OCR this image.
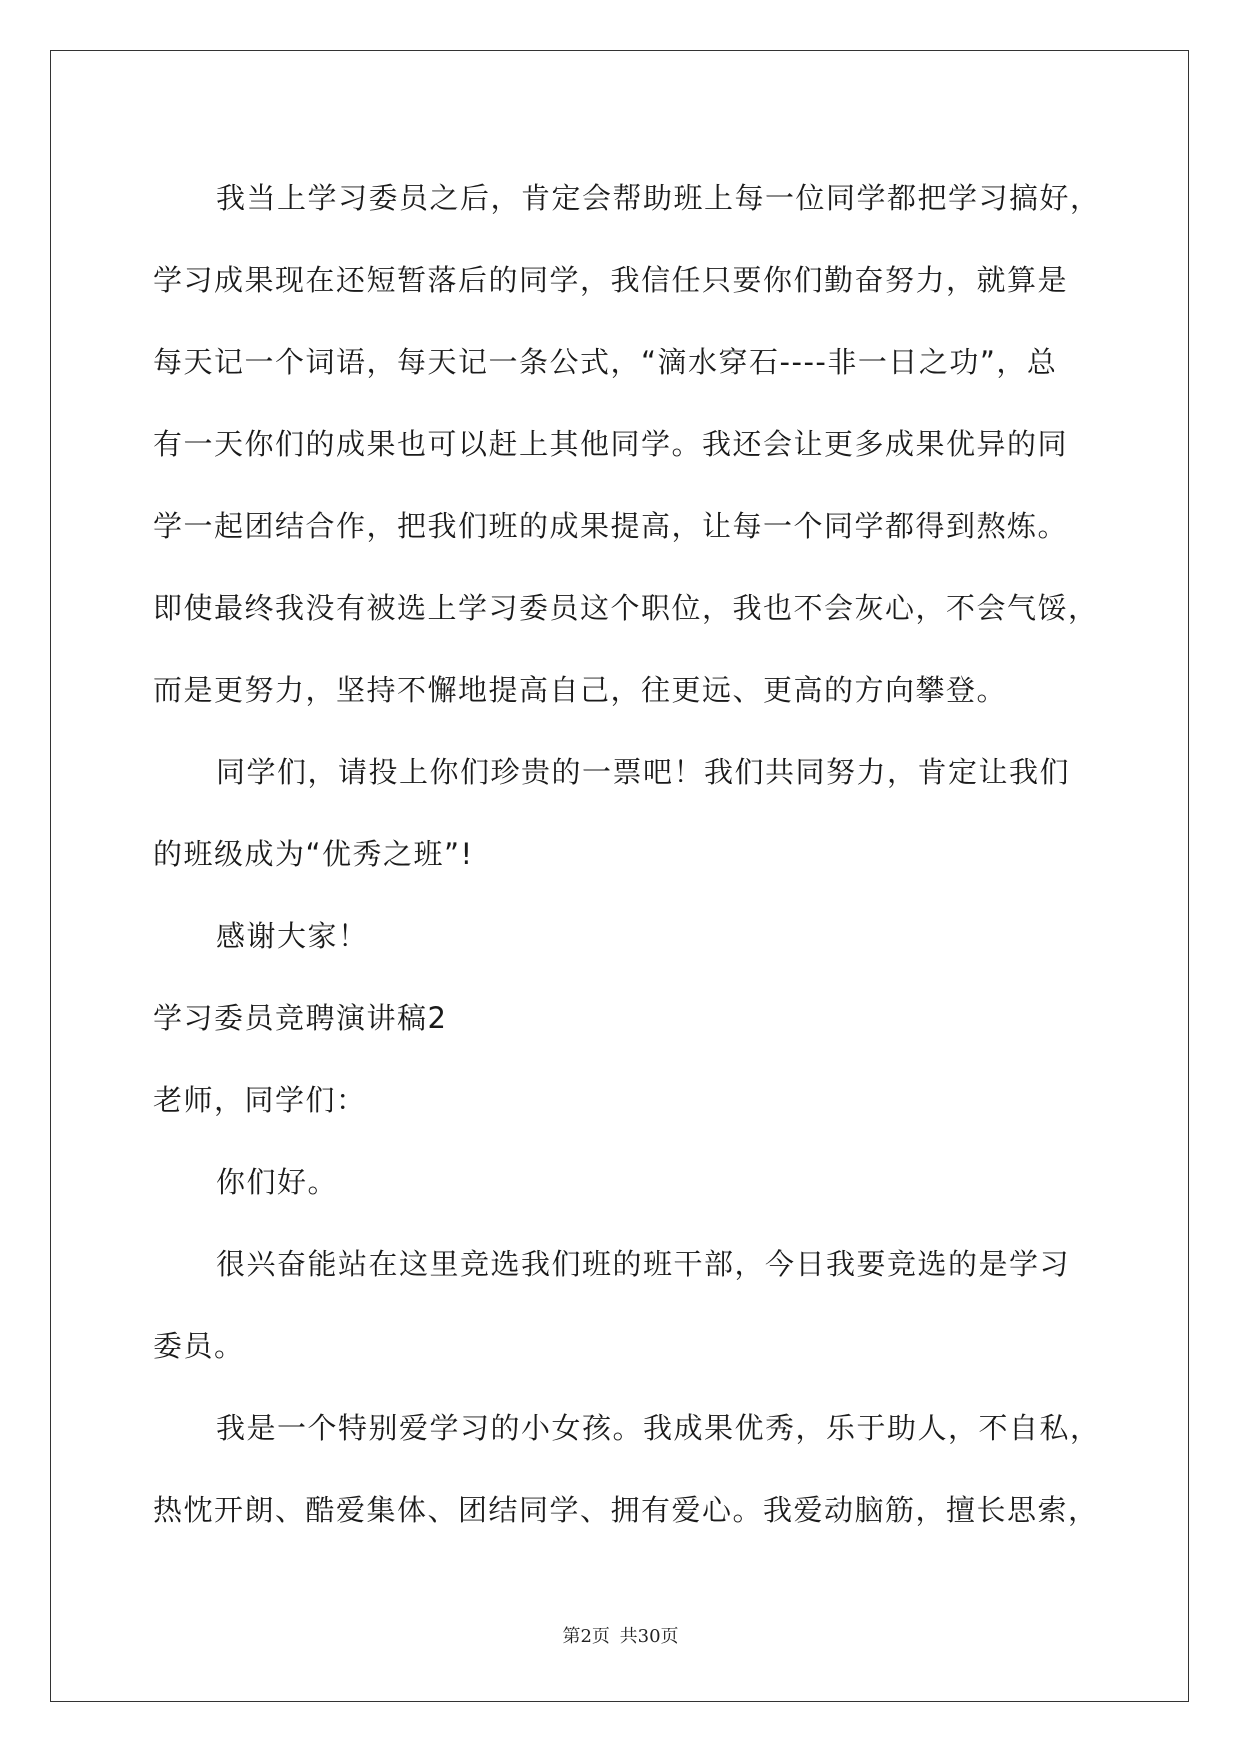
我当上学习委员之后，肯定会帮助班上每一位同学都把学习搞好，

学习成果现在还短暂落后的同学，我信任只要你们勤奋努力，就算是

每天记一个词语，每天记一条公式，“滴水穿石----非一日之功”，总

有一天你们的成果也可以赶上其他同学。我还会让更多成果优异的同

学一起团结合作，把我们班的成果提高，让每一个同学都得到熬炼。

即使最终我没有被选上学习委员这个职位，我也不会灰心，不会气馁，

而是更努力，坚持不懈地提高自己，往更远、更高的方向攀登。

同学们，请投上你们珍贵的一票吧！我们共同努力，肯定让我们

的班级成为“优秀之班”!

感谢大家！

学习委员竞聘演讲稿2

老师，同学们：

你们好。

很兴奋能站在这里竞选我们班的班干部，今日我要竞选的是学习

委员。

我是一个特别爱学习的小女孩。我成果优秀，乐于助人，不自私，

热忱开朗、酷爱集体、团结同学、拥有爱心。我爱动脑筋，擅长思索，

第2页 共30页
